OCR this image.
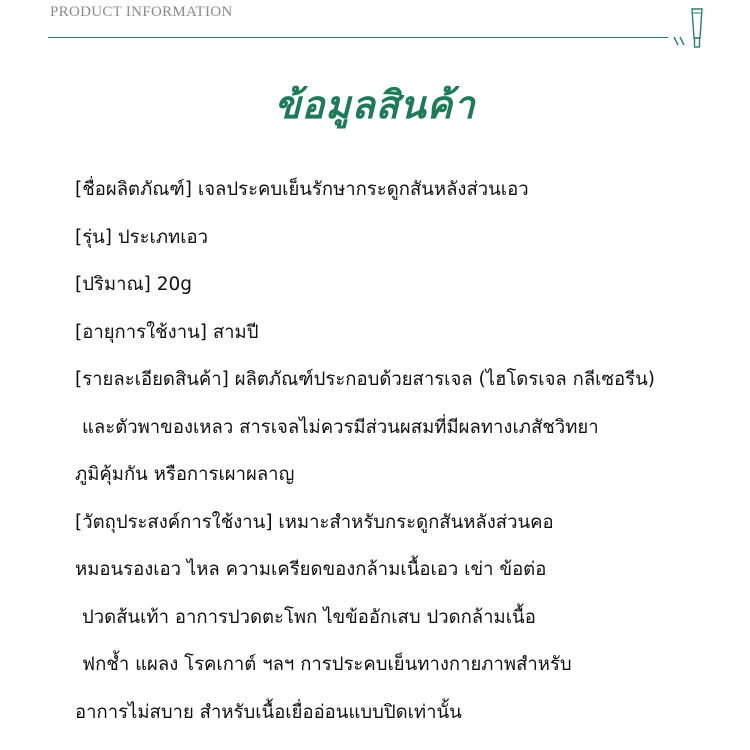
PRODUCT INFORMATION
ข้อมูลสินค้า
[ชื่อผลิตภัณฑ์] เจลประคบเย็นรักษากระดูกสันหลังส่วนเอว
[รุ่น] ประเภทเอว
[ปริมาณ] 20g
[อายุการใช้งาน] สามปี
[รายละเอียดสินค้า] ผลิตภัณฑ์ประกอบด้วยสารเจล (ไฮโดรเจล กลีเซอรีน)
และตัวพาของเหลว สารเจลไม่ควรมีส่วนผสมที่มีผลทางเภสัชวิทยา
ภูมิคุ้มกัน หรือการเผาผลาญ
[วัตถุประสงค์การใช้งาน] เหมาะสำหรับกระดูกสันหลังส่วนคอ
หมอนรองเอว ไหล ความเครียดของกล้ามเนื้อเอว เข่า ข้อต่อ
ปวดส้นเท้า อาการปวดตะโพก ไขข้ออักเสบ ปวดกล้ามเนื้อ
ฟกช้ำ แผลง โรคเกาต์ ฯลฯ การประคบเย็นทางกายภาพสำหรับ
อาการไม่สบาย สำหรับเนื้อเยื่ออ่อนแบบปิดเท่านั้น
